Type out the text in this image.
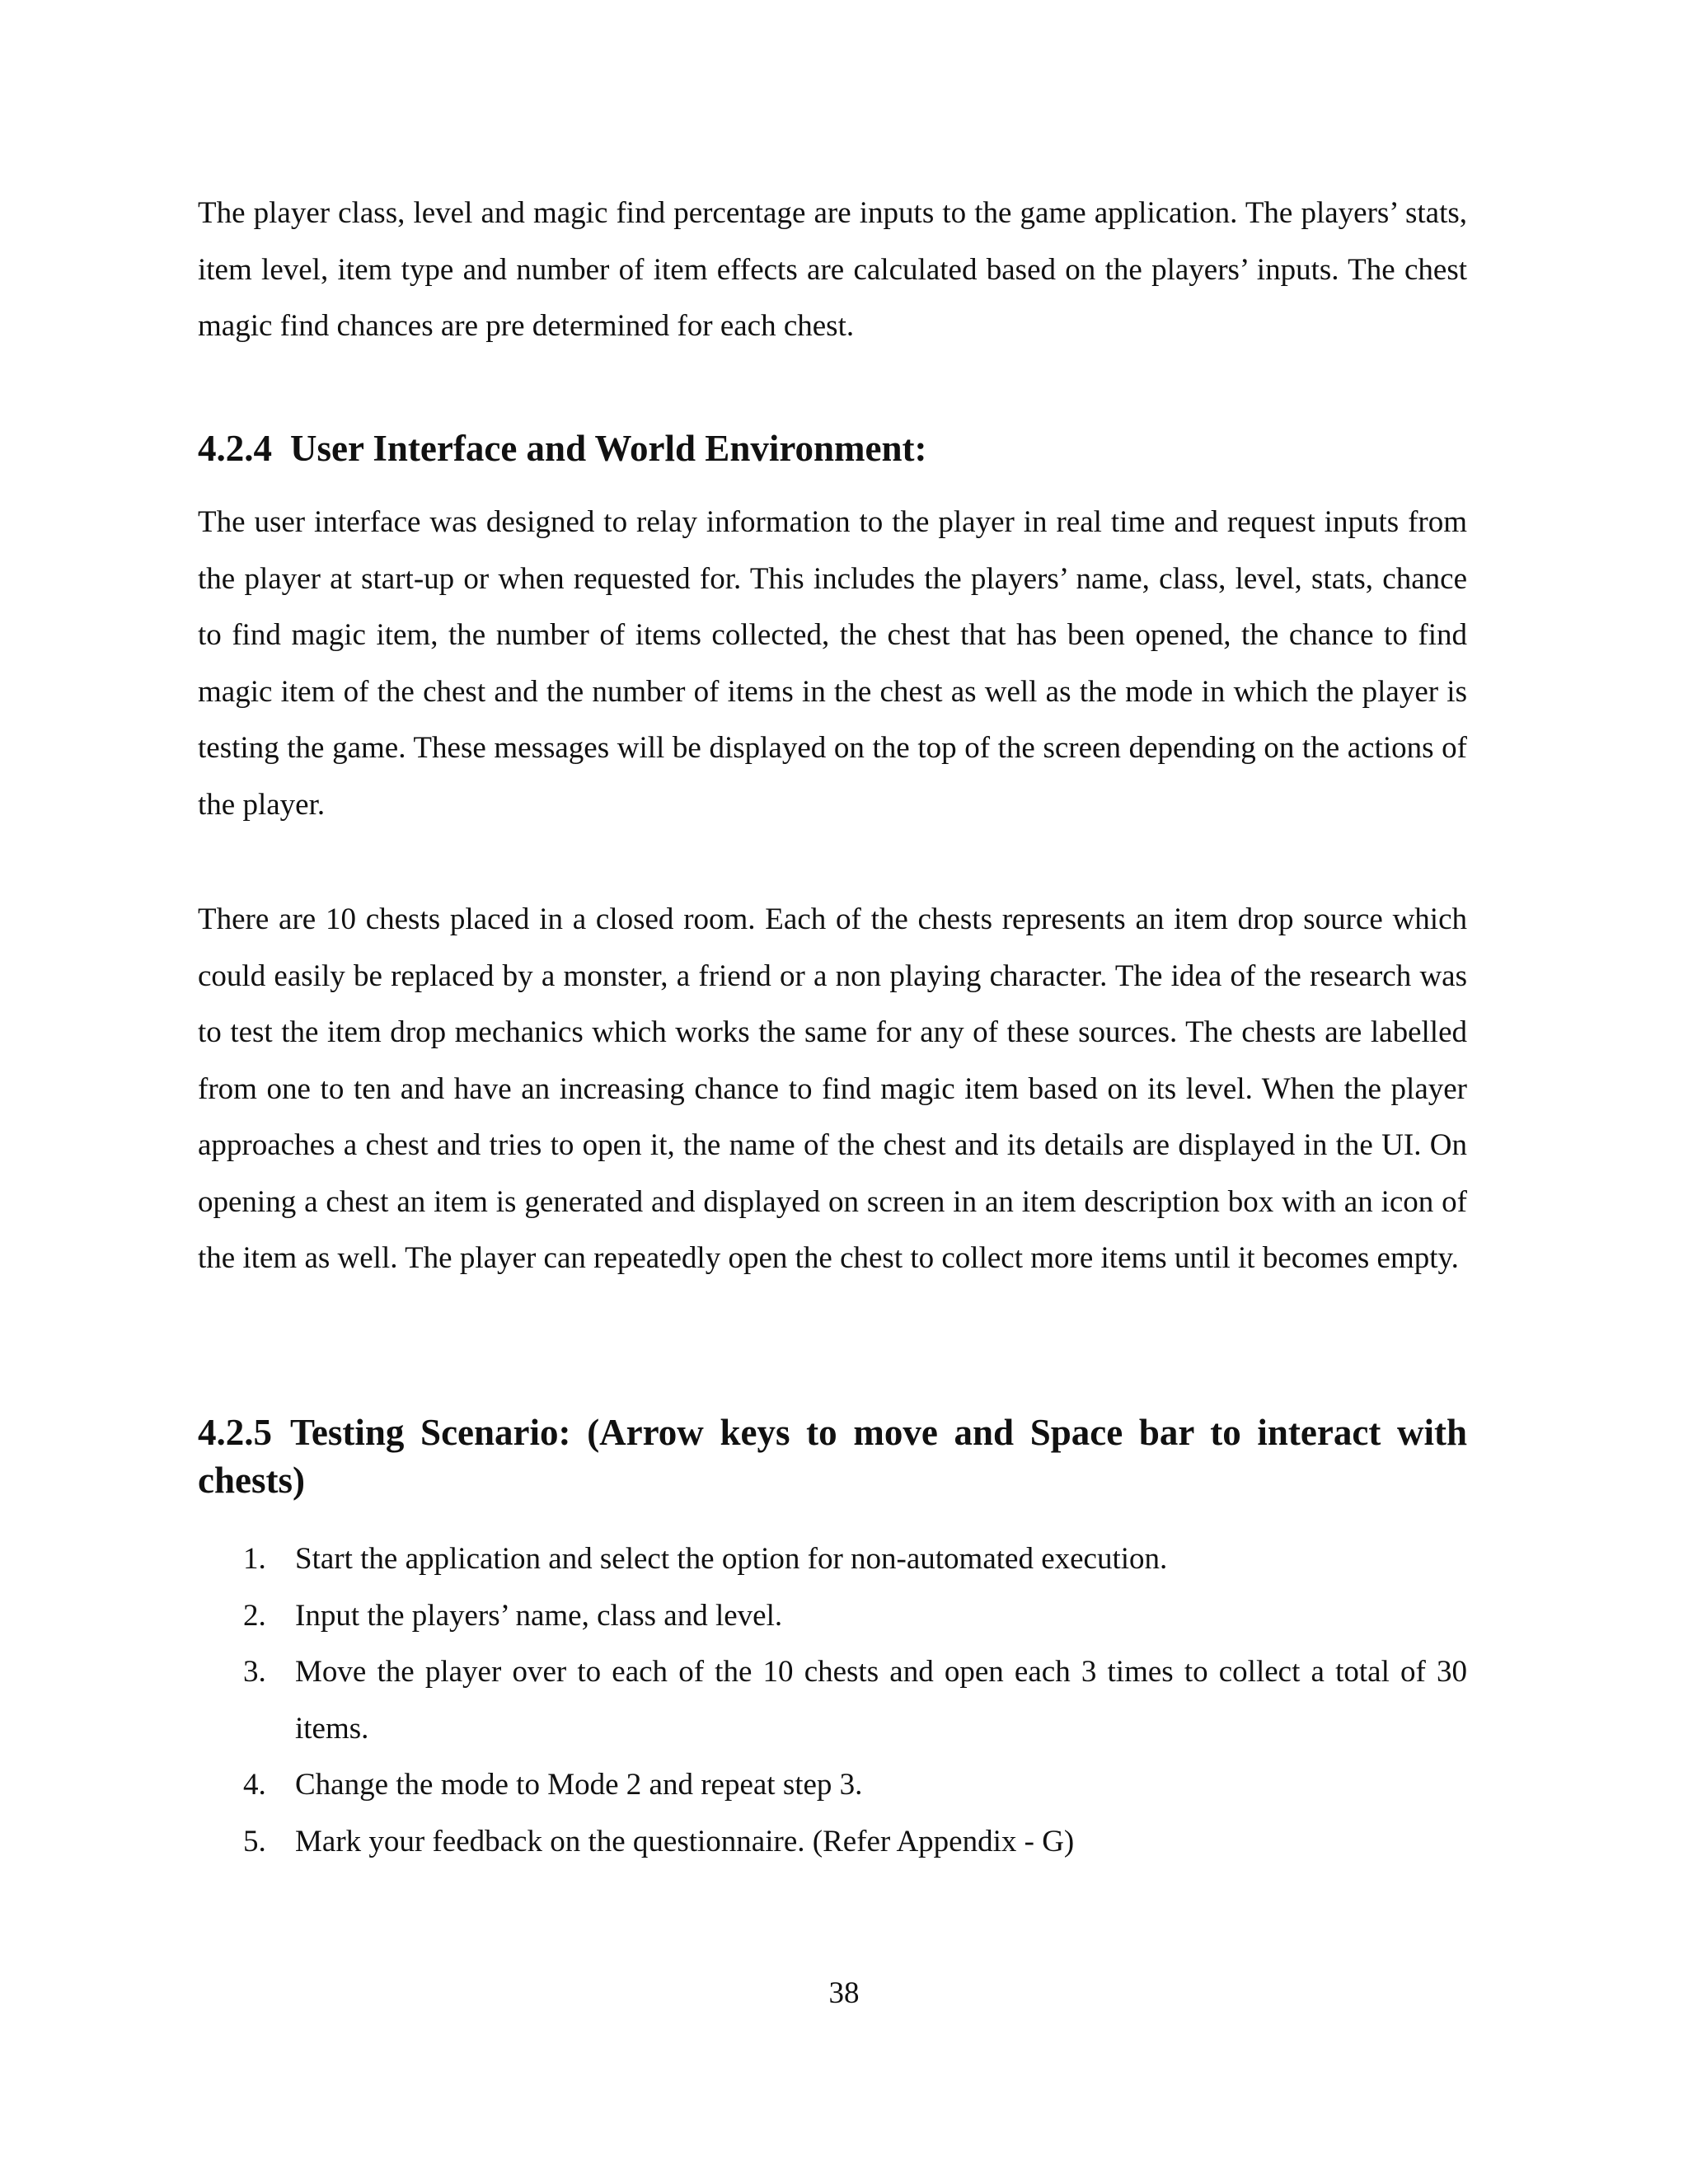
The player class, level and magic find percentage are inputs to the game application. The players’ stats, item level, item type and number of item effects are calculated based on the players’ inputs. The chest magic find chances are pre determined for each chest.

4.2.4 User Interface and World Environment:

The user interface was designed to relay information to the player in real time and request inputs from the player at start-up or when requested for. This includes the players’ name, class, level, stats, chance to find magic item, the number of items collected, the chest that has been opened, the chance to find magic item of the chest and the number of items in the chest as well as the mode in which the player is testing the game. These messages will be displayed on the top of the screen depending on the actions of the player.

There are 10 chests placed in a closed room. Each of the chests represents an item drop source which could easily be replaced by a monster, a friend or a non playing character. The idea of the research was to test the item drop mechanics which works the same for any of these sources. The chests are labelled from one to ten and have an increasing chance to find magic item based on its level. When the player approaches a chest and tries to open it, the name of the chest and its details are displayed in the UI. On opening a chest an item is generated and displayed on screen in an item description box with an icon of the item as well. The player can repeatedly open the chest to collect more items until it becomes empty.

4.2.5 Testing Scenario: (Arrow keys to move and Space bar to interact with chests)
1. Start the application and select the option for non-automated execution.
2. Input the players’ name, class and level.
3. Move the player over to each of the 10 chests and open each 3 times to collect a total of 30 items.
4. Change the mode to Mode 2 and repeat step 3.
5. Mark your feedback on the questionnaire. (Refer Appendix - G)
38
